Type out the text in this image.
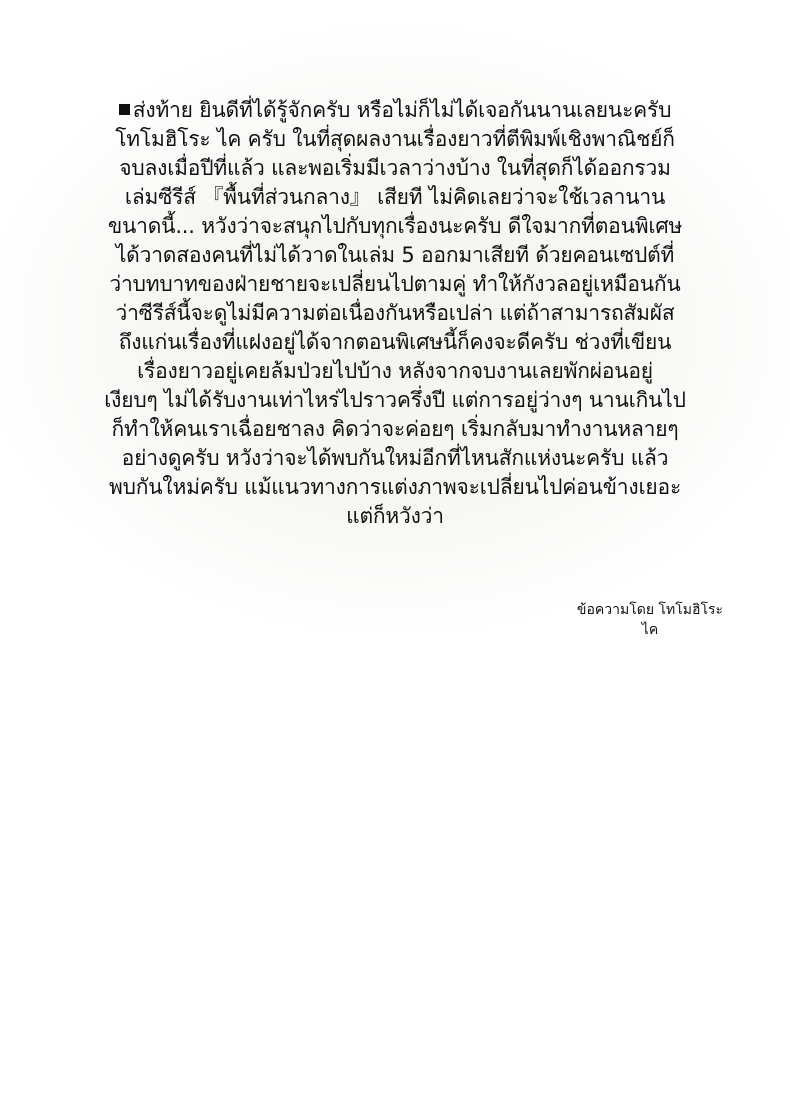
ส่งท้าย ยินดีที่ได้รู้จักครับ หรือไม่ก็ไม่ได้เจอกันนานเลยนะครับ
โทโมฮิโระ ไค ครับ ในที่สุดผลงานเรื่องยาวที่ตีพิมพ์เชิงพาณิชย์ก็
จบลงเมื่อปีที่แล้ว และพอเริ่มมีเวลาว่างบ้าง ในที่สุดก็ได้ออกรวม
เล่มซีรีส์ 『พื้นที่ส่วนกลาง』 เสียที ไม่คิดเลยว่าจะใช้เวลานาน
ขนาดนี้... หวังว่าจะสนุกไปกับทุกเรื่องนะครับ ดีใจมากที่ตอนพิเศษ
ได้วาดสองคนที่ไม่ได้วาดในเล่ม 5 ออกมาเสียที ด้วยคอนเซปต์ที่
ว่าบทบาทของฝ่ายชายจะเปลี่ยนไปตามคู่ ทำให้กังวลอยู่เหมือนกัน
ว่าซีรีส์นี้จะดูไม่มีความต่อเนื่องกันหรือเปล่า แต่ถ้าสามารถสัมผัส
ถึงแก่นเรื่องที่แฝงอยู่ได้จากตอนพิเศษนี้ก็คงจะดีครับ ช่วงที่เขียน
เรื่องยาวอยู่เคยล้มป่วยไปบ้าง หลังจากจบงานเลยพักผ่อนอยู่
เงียบๆ ไม่ได้รับงานเท่าไหร่ไปราวครึ่งปี แต่การอยู่ว่างๆ นานเกินไป
ก็ทำให้คนเราเฉื่อยชาลง คิดว่าจะค่อยๆ เริ่มกลับมาทำงานหลายๆ
อย่างดูครับ หวังว่าจะได้พบกันใหม่อีกที่ไหนสักแห่งนะครับ แล้ว
พบกันใหม่ครับ แม้แนวทางการแต่งภาพจะเปลี่ยนไปค่อนข้างเยอะ
แต่ก็หวังว่า
ข้อความโดย โทโมฮิโระ
ไค
